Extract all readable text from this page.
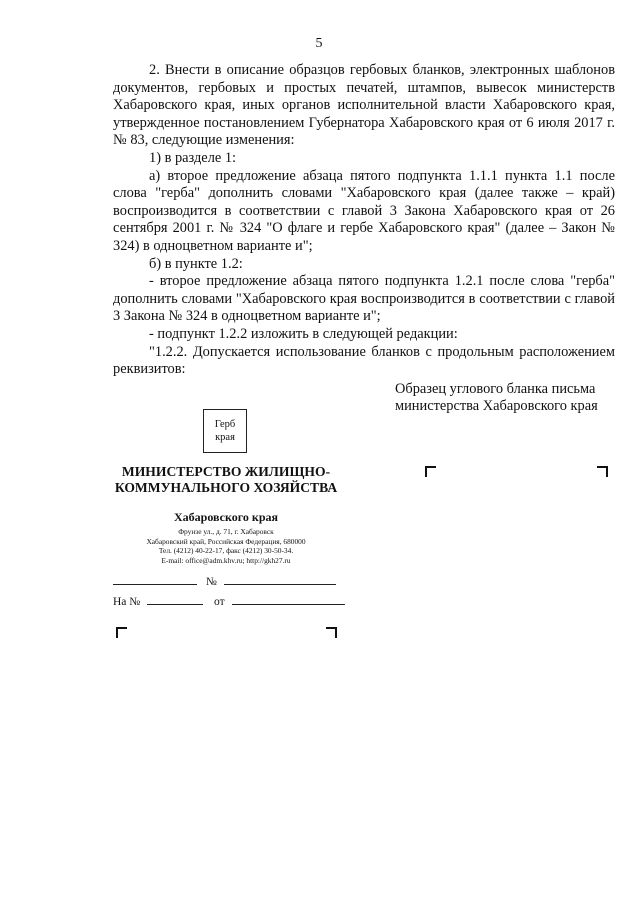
5

2. Внести в описание образцов гербовых бланков, электронных шаблонов документов, гербовых и простых печатей, штампов, вывесок министерств Хабаровского края, иных органов исполнительной власти Хабаровского края, утвержденное постановлением Губернатора Хабаровского края от 6 июля 2017 г. № 83, следующие изменения:

1) в разделе 1:

а) второе предложение абзаца пятого подпункта 1.1.1 пункта 1.1 после слова "герба" дополнить словами "Хабаровского края (далее также – край) воспроизводится в соответствии с главой 3 Закона Хабаровского края от 26 сентября 2001 г. № 324 "О флаге и гербе Хабаровского края" (далее – Закон № 324) в одноцветном варианте и";

б) в пункте 1.2:

- второе предложение абзаца пятого подпункта 1.2.1 после слова "герба" дополнить словами "Хабаровского края воспроизводится в соответствии с главой 3 Закона № 324 в одноцветном варианте и";

- подпункт 1.2.2 изложить в следующей редакции:

"1.2.2. Допускается использование бланков с продольным расположением реквизитов:

Образец углового бланка письма министерства Хабаровского края
Герб края
МИНИСТЕРСТВО ЖИЛИЩНО-КОММУНАЛЬНОГО ХОЗЯЙСТВА
Хабаровского края
Фрунзе ул., д. 71, г. Хабаровск
Хабаровский край, Российская Федерация, 680000
Тел. (4212) 40-22-17, факс (4212) 30-50-34.
E-mail: office@adm.khv.ru; http://gkh27.ru
№
На №	от
